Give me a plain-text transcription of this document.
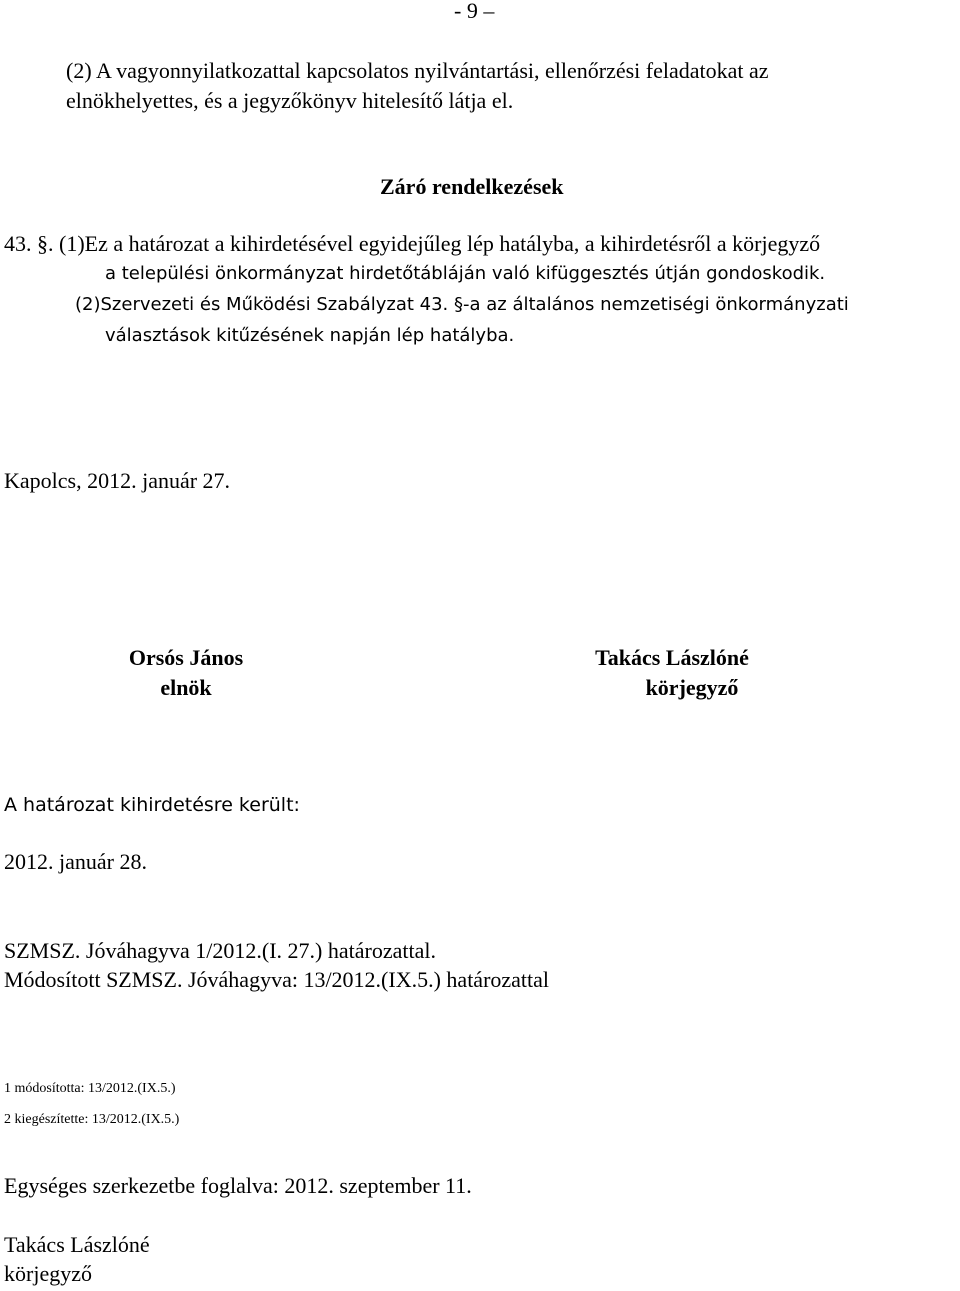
- 9 –
(2) A vagyonnyilatkozattal kapcsolatos nyilvántartási, ellenőrzési feladatokat az
elnökhelyettes, és a jegyzőkönyv hitelesítő látja el.
Záró rendelkezések
43. §. (1)Ez a határozat a kihirdetésével egyidejűleg lép hatályba, a kihirdetésről a körjegyző
a települési önkormányzat hirdetőtábláján való kifüggesztés útján gondoskodik.
(2)Szervezeti és Működési Szabályzat 43. §-a az általános nemzetiségi önkormányzati
választások kitűzésének napján lép hatályba.
Kapolcs, 2012. január 27.
Orsós János
elnök
Takács Lászlóné
körjegyző
A határozat kihirdetésre került:
2012. január 28.
SZMSZ. Jóváhagyva 1/2012.(I. 27.) határozattal.
Módosított SZMSZ. Jóváhagyva: 13/2012.(IX.5.) határozattal
1 módosította: 13/2012.(IX.5.)
2 kiegészítette: 13/2012.(IX.5.)
Egységes szerkezetbe foglalva: 2012. szeptember 11.
Takács Lászlóné
körjegyző
